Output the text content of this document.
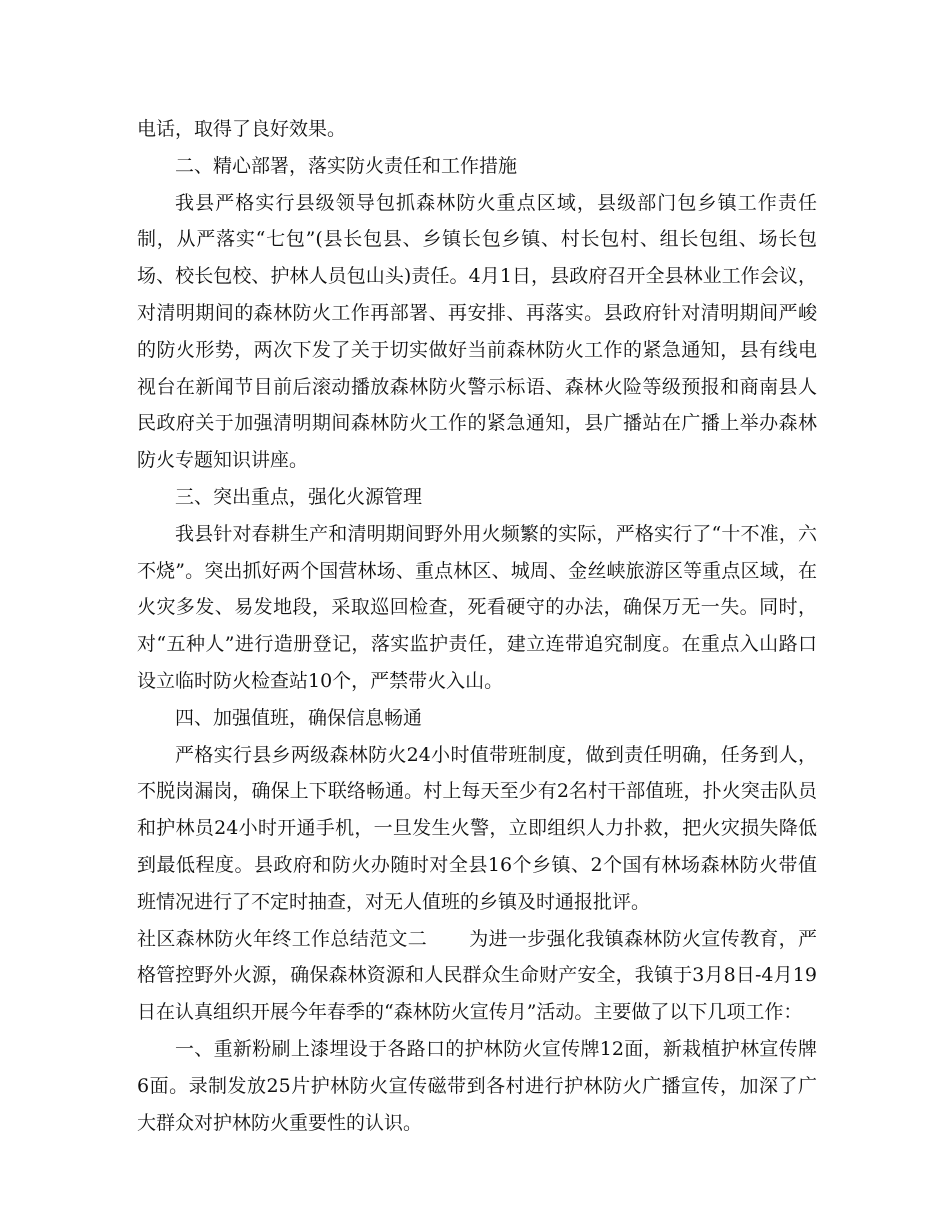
电话，取得了良好效果。

二、精心部署，落实防火责任和工作措施

我县严格实行县级领导包抓森林防火重点区域，县级部门包乡镇工作责任制，从严落实“七包”(县长包县、乡镇长包乡镇、村长包村、组长包组、场长包场、校长包校、护林人员包山头)责任。4月1日，县政府召开全县林业工作会议，对清明期间的森林防火工作再部署、再安排、再落实。县政府针对清明期间严峻的防火形势，两次下发了关于切实做好当前森林防火工作的紧急通知，县有线电视台在新闻节目前后滚动播放森林防火警示标语、森林火险等级预报和商南县人民政府关于加强清明期间森林防火工作的紧急通知，县广播站在广播上举办森林防火专题知识讲座。

三、突出重点，强化火源管理

我县针对春耕生产和清明期间野外用火频繁的实际，严格实行了“十不准，六不烧”。突出抓好两个国营林场、重点林区、城周、金丝峡旅游区等重点区域，在火灾多发、易发地段，采取巡回检查，死看硬守的办法，确保万无一失。同时，对“五种人”进行造册登记，落实监护责任，建立连带追究制度。在重点入山路口设立临时防火检查站10个，严禁带火入山。

四、加强值班，确保信息畅通

严格实行县乡两级森林防火24小时值带班制度，做到责任明确，任务到人，不脱岗漏岗，确保上下联络畅通。村上每天至少有2名村干部值班，扑火突击队员和护林员24小时开通手机，一旦发生火警，立即组织人力扑救，把火灾损失降低到最低程度。县政府和防火办随时对全县16个乡镇、2个国有林场森林防火带值班情况进行了不定时抽查，对无人值班的乡镇及时通报批评。

社区森林防火年终工作总结范文二 为进一步强化我镇森林防火宣传教育，严格管控野外火源，确保森林资源和人民群众生命财产安全，我镇于3月8日-4月19日在认真组织开展今年春季的“森林防火宣传月”活动。主要做了以下几项工作：

一、重新粉刷上漆埋设于各路口的护林防火宣传牌12面，新栽植护林宣传牌6面。录制发放25片护林防火宣传磁带到各村进行护林防火广播宣传，加深了广大群众对护林防火重要性的认识。
